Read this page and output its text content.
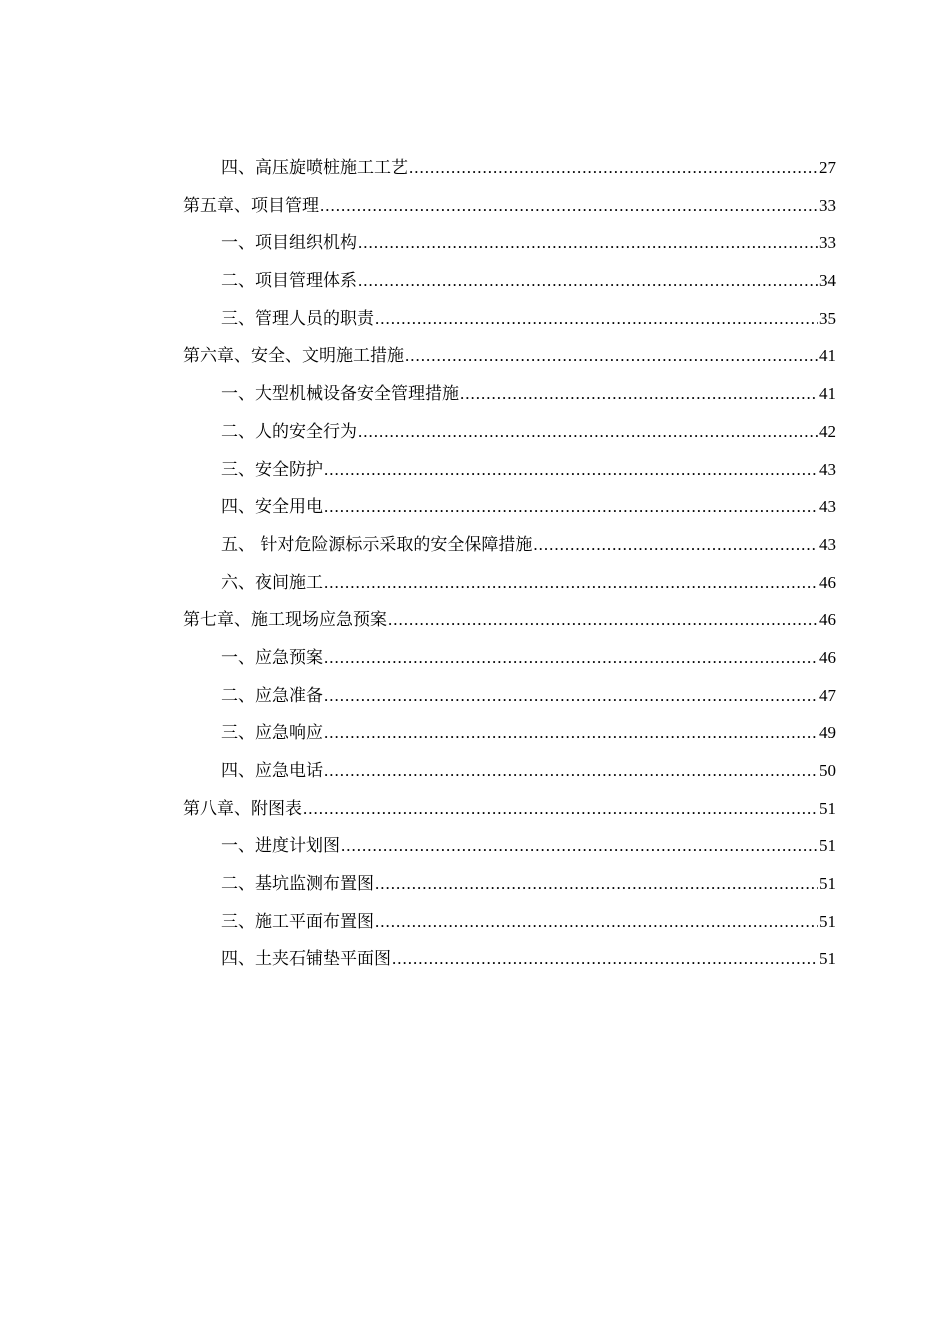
四、高压旋喷桩施工工艺 .....	27
第五章、项目管理 .....	33
一、项目组织机构 .....	33
二、项目管理体系 .....	34
三、管理人员的职责 .....	35
第六章、安全、文明施工措施 .....	41
一、大型机械设备安全管理措施 .....	41
二、人的安全行为 .....	42
三、安全防护 .....	43
四、安全用电 .....	43
五、 针对危险源标示采取的安全保障措施 .....	43
六、夜间施工 .....	46
第七章、施工现场应急预案 .....	46
一、应急预案 .....	46
二、应急准备 .....	47
三、应急响应 .....	49
四、应急电话 .....	50
第八章、附图表 .....	51
一、进度计划图 .....	51
二、基坑监测布置图 .....	51
三、施工平面布置图 .....	51
四、土夹石铺垫平面图 .....	51
